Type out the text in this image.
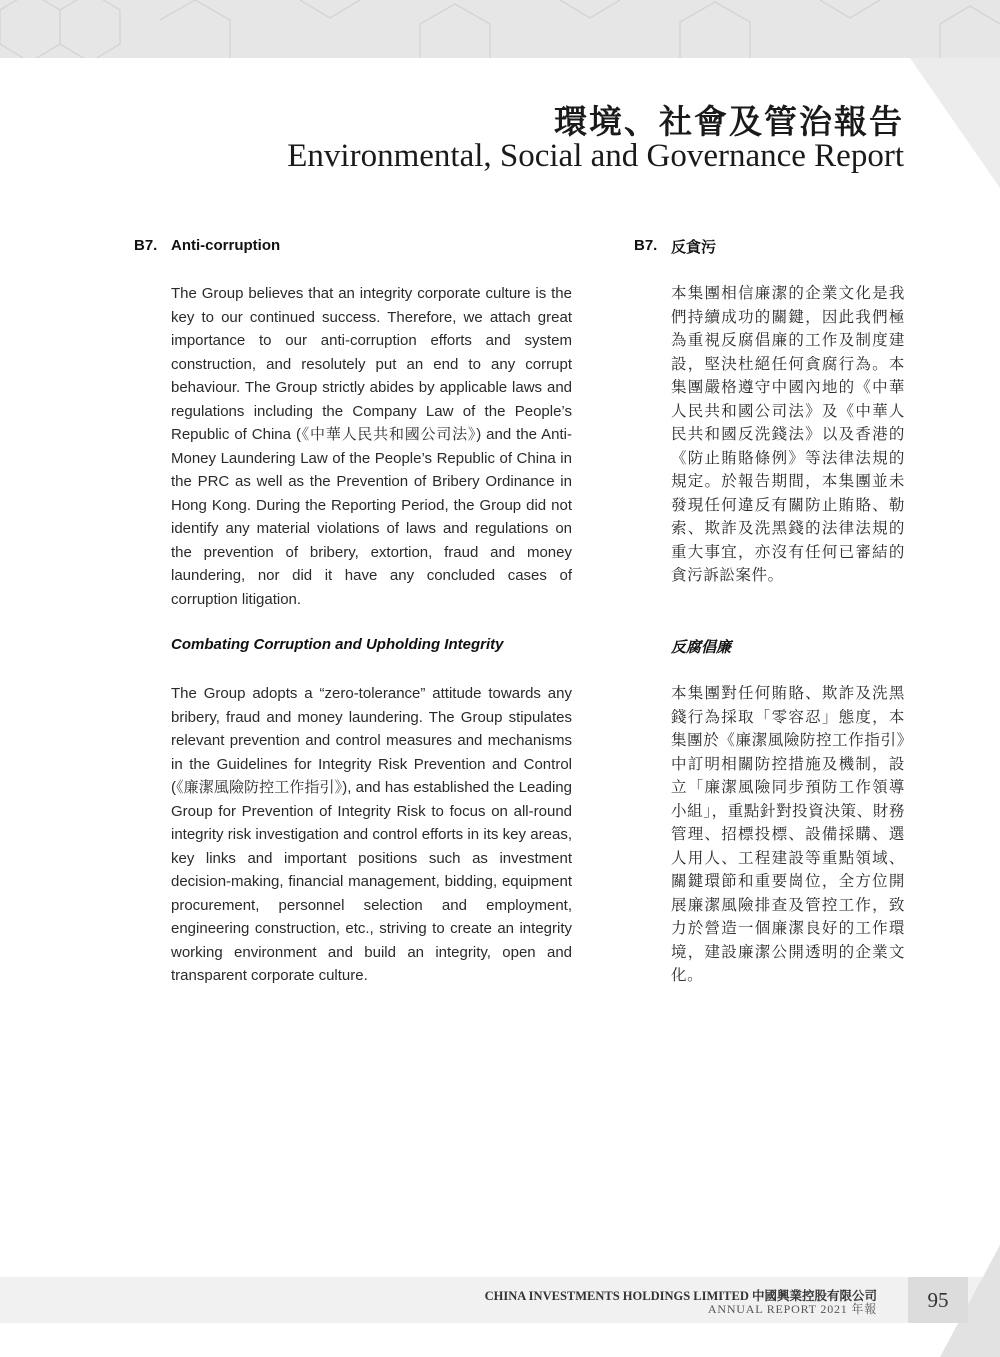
環境、社會及管治報告
Environmental, Social and Governance Report
B7. Anti-corruption

The Group believes that an integrity corporate culture is the key to our continued success. Therefore, we attach great importance to our anti-corruption efforts and system construction, and resolutely put an end to any corrupt behaviour. The Group strictly abides by applicable laws and regulations including the Company Law of the People’s Republic of China (《中華人民共和國公司法》) and the Anti-Money Laundering Law of the People’s Republic of China in the PRC as well as the Prevention of Bribery Ordinance in Hong Kong. During the Reporting Period, the Group did not identify any material violations of laws and regulations on the prevention of bribery, extortion, fraud and money laundering, nor did it have any concluded cases of corruption litigation.

Combating Corruption and Upholding Integrity

The Group adopts a “zero-tolerance” attitude towards any bribery, fraud and money laundering. The Group stipulates relevant prevention and control measures and mechanisms in the Guidelines for Integrity Risk Prevention and Control (《廉潔風險防控工作指引》), and has established the Leading Group for Prevention of Integrity Risk to focus on all-round integrity risk investigation and control efforts in its key areas, key links and important positions such as investment decision-making, financial management, bidding, equipment procurement, personnel selection and employment, engineering construction, etc., striving to create an integrity working environment and build an integrity, open and transparent corporate culture.

B7. 反貪污

本集團相信廉潔的企業文化是我們持續成功的關鍵，因此我們極為重視反腐倡廉的工作及制度建設，堅決杜絕任何貪腐行為。本集團嚴格遵守中國內地的《中華人民共和國公司法》及《中華人民共和國反洗錢法》以及香港的《防止賄賂條例》等法律法規的規定。於報告期間，本集團並未發現任何違反有關防止賄賂、勒索、欺詐及洗黑錢的法律法規的重大事宜，亦沒有任何已審結的貪污訴訟案件。

反腐倡廉

本集團對任何賄賂、欺詐及洗黑錢行為採取「零容忍」態度，本集團於《廉潔風險防控工作指引》中訂明相關防控措施及機制，設立「廉潔風險同步預防工作領導小組」，重點針對投資決策、財務管理、招標投標、設備採購、選人用人、工程建設等重點領域、關鍵環節和重要崗位，全方位開展廉潔風險排查及管控工作，致力於營造一個廉潔良好的工作環境，建設廉潔公開透明的企業文化。

95
CHINA INVESTMENTS HOLDINGS LIMITED 中國興業控股有限公司
ANNUAL REPORT 2021 年報
